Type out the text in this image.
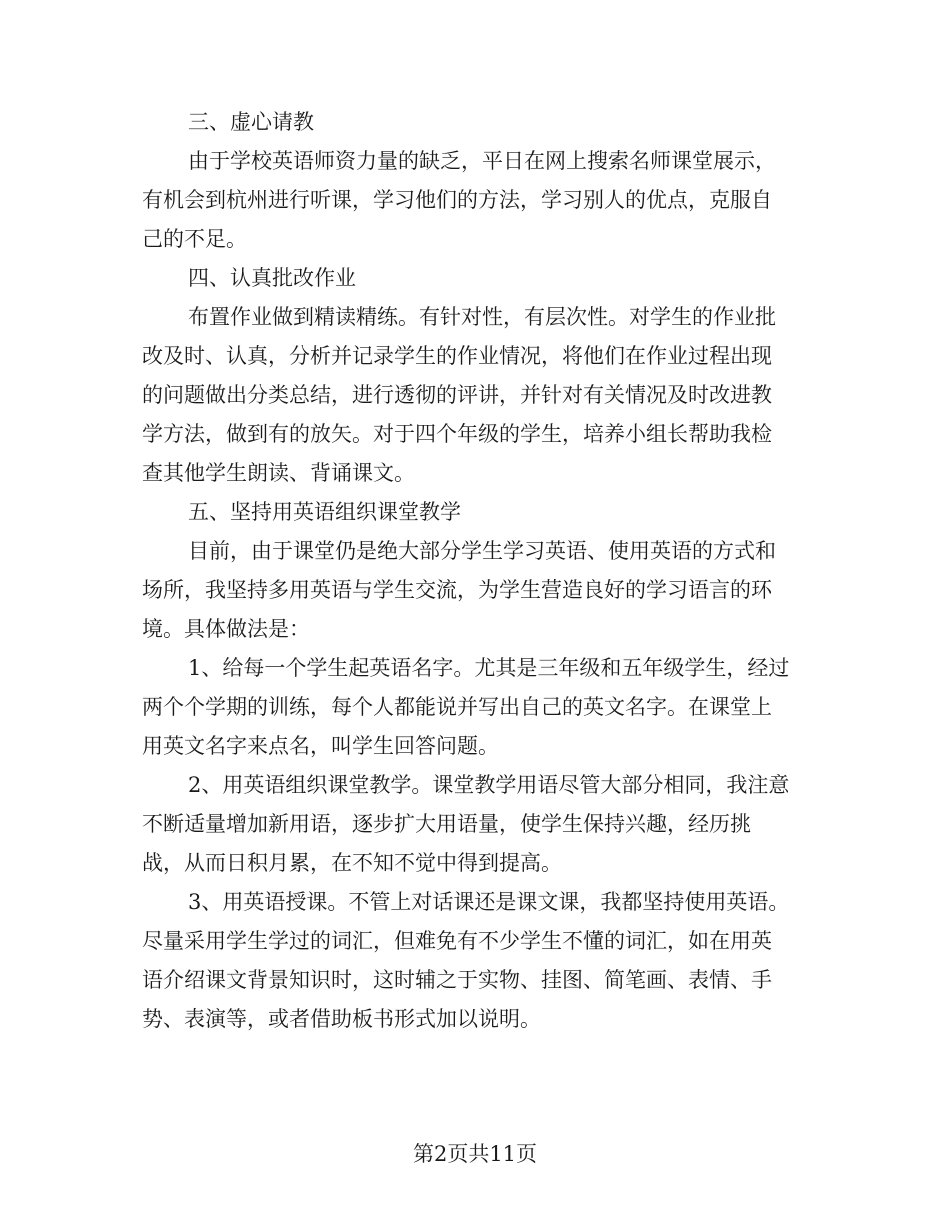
三、虚心请教
由于学校英语师资力量的缺乏，平日在网上搜索名师课堂展示，
有机会到杭州进行听课，学习他们的方法，学习别人的优点，克服自
己的不足。
四、认真批改作业
布置作业做到精读精练。有针对性，有层次性。对学生的作业批
改及时、认真，分析并记录学生的作业情况，将他们在作业过程出现
的问题做出分类总结，进行透彻的评讲，并针对有关情况及时改进教
学方法，做到有的放矢。对于四个年级的学生，培养小组长帮助我检
查其他学生朗读、背诵课文。
五、坚持用英语组织课堂教学
目前，由于课堂仍是绝大部分学生学习英语、使用英语的方式和
场所，我坚持多用英语与学生交流，为学生营造良好的学习语言的环
境。具体做法是：
1、给每一个学生起英语名字。尤其是三年级和五年级学生，经过
两个个学期的训练，每个人都能说并写出自己的英文名字。在课堂上
用英文名字来点名，叫学生回答问题。
2、用英语组织课堂教学。课堂教学用语尽管大部分相同，我注意
不断适量增加新用语，逐步扩大用语量，使学生保持兴趣，经历挑
战，从而日积月累，在不知不觉中得到提高。
3、用英语授课。不管上对话课还是课文课，我都坚持使用英语。
尽量采用学生学过的词汇，但难免有不少学生不懂的词汇，如在用英
语介绍课文背景知识时，这时辅之于实物、挂图、简笔画、表情、手
势、表演等，或者借助板书形式加以说明。
第2页共11页
